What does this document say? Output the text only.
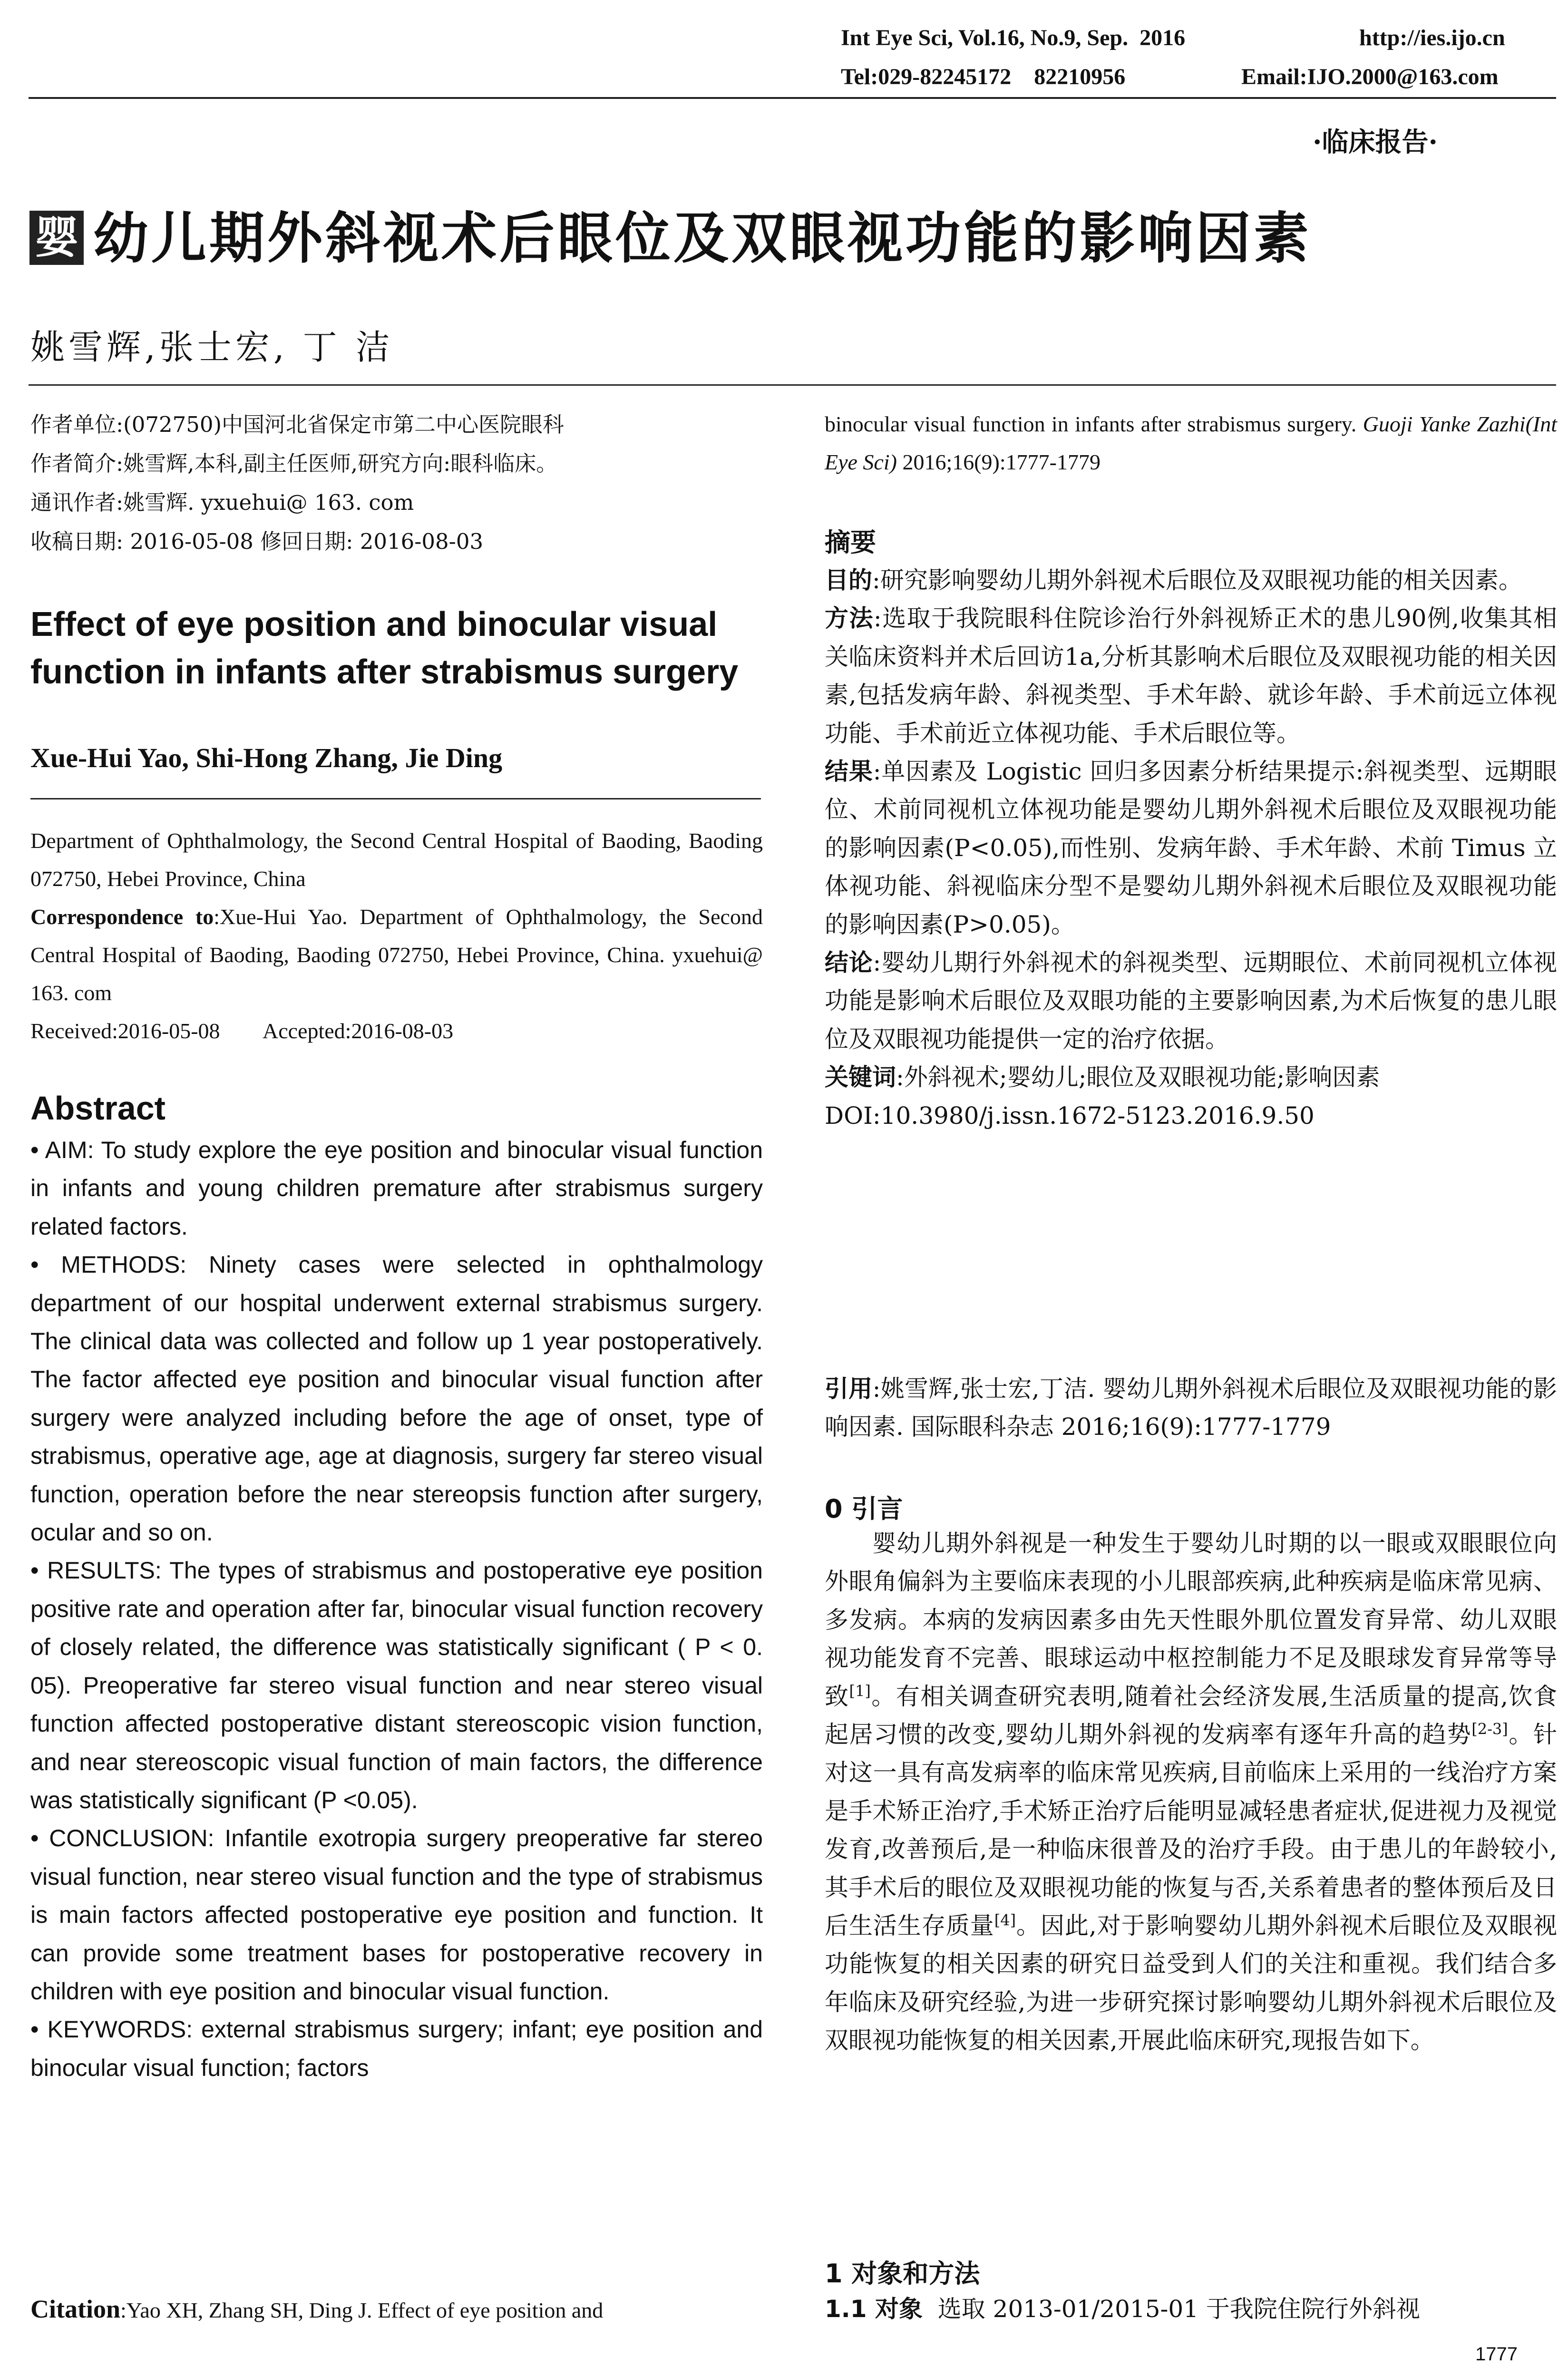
Int Eye Sci, Vol.16, No.9, Sep.  2016	http://ies.ijo.cn
Tel:029-82245172    82210956	Email:IJO.2000@163.com
·临床报告·
婴 幼儿期外斜视术后眼位及双眼视功能的影响因素
姚雪辉,张士宏, 丁 洁
作者单位:(072750)中国河北省保定市第二中心医院眼科
作者简介:姚雪辉,本科,副主任医师,研究方向:眼科临床。
通讯作者:姚雪辉. yxuehui@ 163. com
收稿日期: 2016-05-08 修回日期: 2016-08-03
Effect of eye position and binocular visual function in infants after strabismus surgery
Xue-Hui Yao, Shi-Hong Zhang, Jie Ding
Department of Ophthalmology, the Second Central Hospital of Baoding, Baoding 072750, Hebei Province, China
Correspondence to:Xue-Hui Yao. Department of Ophthalmology, the Second Central Hospital of Baoding, Baoding 072750, Hebei Province, China. yxuehui@ 163. com
Received:2016-05-08        Accepted:2016-08-03
Abstract

• AIM: To study explore the eye position and binocular visual function in infants and young children premature after strabismus surgery related factors.

• METHODS: Ninety cases were selected in ophthalmology department of our hospital underwent external strabismus surgery. The clinical data was collected and follow up 1 year postoperatively. The factor affected eye position and binocular visual function after surgery were analyzed including before the age of onset, type of strabismus, operative age, age at diagnosis, surgery far stereo visual function, operation before the near stereopsis function after surgery, ocular and so on.

• RESULTS: The types of strabismus and postoperative eye position positive rate and operation after far, binocular visual function recovery of closely related, the difference was statistically significant ( P < 0. 05). Preoperative far stereo visual function and near stereo visual function affected postoperative distant stereoscopic vision function, and near stereoscopic visual function of main factors, the difference was statistically significant (P <0.05).

• CONCLUSION: Infantile exotropia surgery preoperative far stereo visual function, near stereo visual function and the type of strabismus is main factors affected postoperative eye position and function. It can provide some treatment bases for postoperative recovery in children with eye position and binocular visual function.

• KEYWORDS: external strabismus surgery; infant; eye position and binocular visual function; factors

Citation:Yao XH, Zhang SH, Ding J. Effect of eye position and
binocular visual function in infants after strabismus surgery. Guoji Yanke Zazhi(Int Eye Sci) 2016;16(9):1777-1779
摘要

目的:研究影响婴幼儿期外斜视术后眼位及双眼视功能的相关因素。

方法:选取于我院眼科住院诊治行外斜视矫正术的患儿90例,收集其相关临床资料并术后回访1a,分析其影响术后眼位及双眼视功能的相关因素,包括发病年龄、斜视类型、手术年龄、就诊年龄、手术前远立体视功能、手术前近立体视功能、手术后眼位等。

结果:单因素及 Logistic 回归多因素分析结果提示:斜视类型、远期眼位、术前同视机立体视功能是婴幼儿期外斜视术后眼位及双眼视功能的影响因素(P<0.05),而性别、发病年龄、手术年龄、术前 Timus 立体视功能、斜视临床分型不是婴幼儿期外斜视术后眼位及双眼视功能的影响因素(P>0.05)。

结论:婴幼儿期行外斜视术的斜视类型、远期眼位、术前同视机立体视功能是影响术后眼位及双眼功能的主要影响因素,为术后恢复的患儿眼位及双眼视功能提供一定的治疗依据。

关键词:外斜视术;婴幼儿;眼位及双眼视功能;影响因素

DOI:10.3980/j.issn.1672-5123.2016.9.50

引用:姚雪辉,张士宏,丁洁. 婴幼儿期外斜视术后眼位及双眼视功能的影响因素. 国际眼科杂志 2016;16(9):1777-1779

0 引言

婴幼儿期外斜视是一种发生于婴幼儿时期的以一眼或双眼眼位向外眼角偏斜为主要临床表现的小儿眼部疾病,此种疾病是临床常见病、多发病。本病的发病因素多由先天性眼外肌位置发育异常、幼儿双眼视功能发育不完善、眼球运动中枢控制能力不足及眼球发育异常等导致[1]。有相关调查研究表明,随着社会经济发展,生活质量的提高,饮食起居习惯的改变,婴幼儿期外斜视的发病率有逐年升高的趋势[2-3]。针对这一具有高发病率的临床常见疾病,目前临床上采用的一线治疗方案是手术矫正治疗,手术矫正治疗后能明显减轻患者症状,促进视力及视觉发育,改善预后,是一种临床很普及的治疗手段。由于患儿的年龄较小,其手术后的眼位及双眼视功能的恢复与否,关系着患者的整体预后及日后生活生存质量[4]。因此,对于影响婴幼儿期外斜视术后眼位及双眼视功能恢复的相关因素的研究日益受到人们的关注和重视。我们结合多年临床及研究经验,为进一步研究探讨影响婴幼儿期外斜视术后眼位及双眼视功能恢复的相关因素,开展此临床研究,现报告如下。

1 对象和方法
1.1 对象  选取 2013-01/2015-01 于我院住院行外斜视
1777
